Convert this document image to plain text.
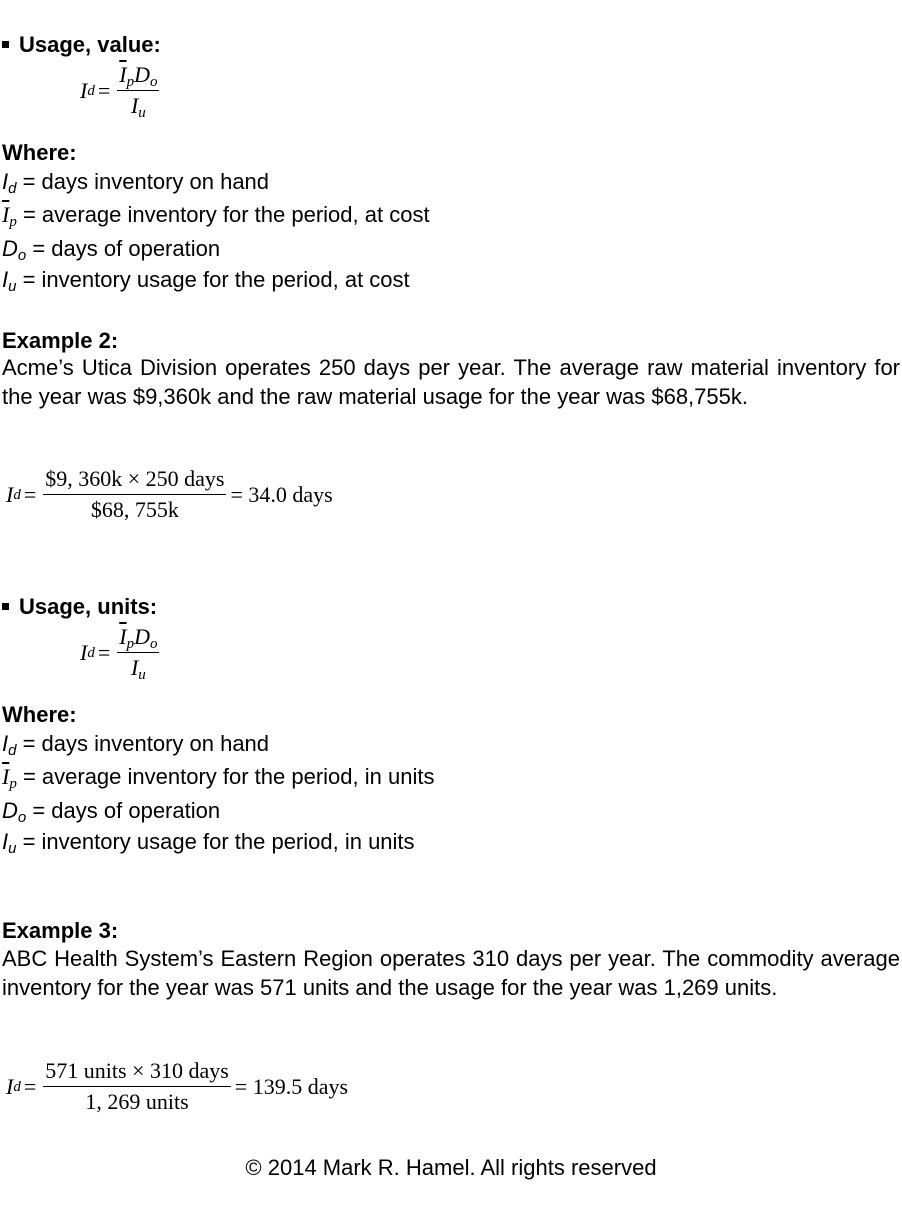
Usage, value:
I $d = \frac{\overline{I}_pD_o}{I_u}$
Where:
$I_d$ = days inventory on hand
$\overline{I}_p$ = average inventory for the period, at cost
$D_o$ = days of operation
$I_u$ = inventory usage for the period, at cost
Example 2:
Acme’s Utica Division operates 250 days per year. The average raw material inventory for the year was $9,360k and the raw material usage for the year was $68,755k.
I $d = \frac{\text{\$9, 360k × 250 days}}{\$68, 755k} = 34.0$ days
Usage, units:
I $d = \frac{\overline{I}_pD_o}{I_u}$
Where:
$I_d$ = days inventory on hand
$\overline{I}_p$ = average inventory for the period, in units
$D_o$ = days of operation
$I_u$ = inventory usage for the period, in units
Example 3:
ABC Health System’s Eastern Region operates 310 days per year. The commodity average inventory for the year was 571 units and the usage for the year was 1,269 units.
I $d = \frac{\text{571 units × 310 days}}{\text{1, 269 units}} = 139.5$ days
© 2014 Mark R. Hamel. All rights reserved
